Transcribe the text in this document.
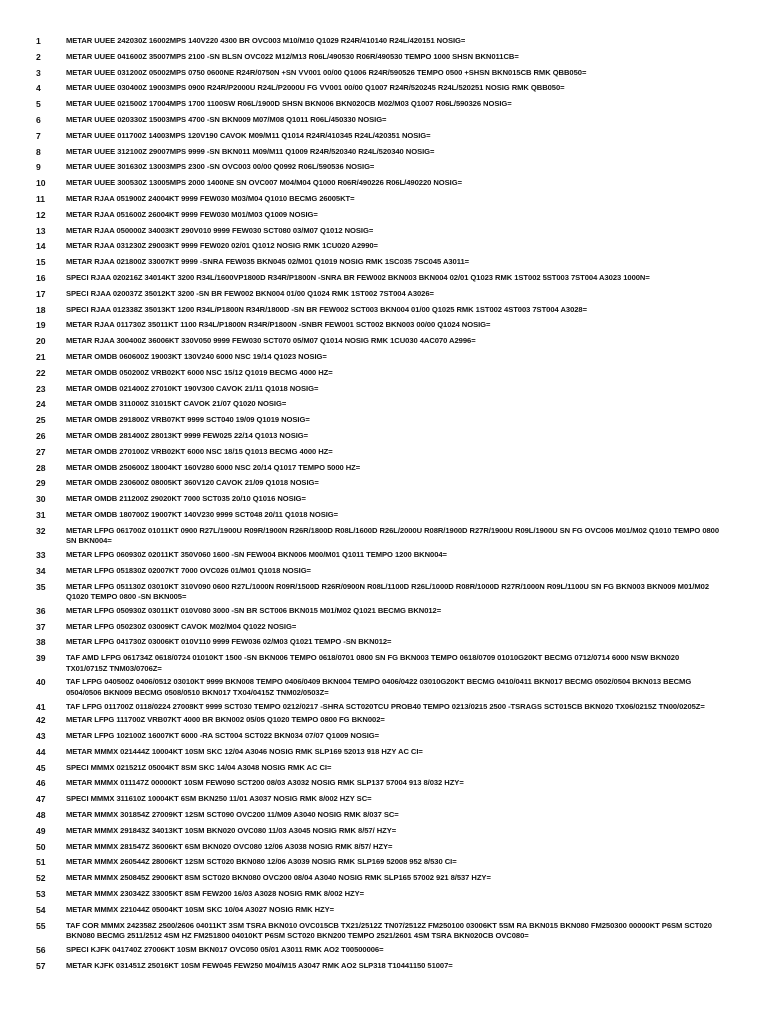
1	METAR UUEE 242030Z 16002MPS 140V220 4300 BR OVC003 M10/M10 Q1029 R24R/410140 R24L/420151 NOSIG=
2	METAR UUEE 041600Z 35007MPS 2100 -SN BLSN OVC022 M12/M13 R06L/490530 R06R/490530 TEMPO 1000 SHSN BKN011CB=
3	METAR UUEE 031200Z 05002MPS 0750 0600NE R24R/0750N +SN VV001 00/00 Q1006 R24R/590526 TEMPO 0500 +SHSN BKN015CB RMK QBB050=
4	METAR UUEE 030400Z 19003MPS 0900 R24R/P2000U R24L/P2000U FG VV001 00/00 Q1007 R24R/520245 R24L/520251 NOSIG RMK QBB050=
5	METAR UUEE 021500Z 17004MPS 1700 1100SW R06L/1900D SHSN BKN006 BKN020CB M02/M03 Q1007 R06L/590326 NOSIG=
6	METAR UUEE 020330Z 15003MPS 4700 -SN BKN009 M07/M08 Q1011 R06L/450330 NOSIG=
7	METAR UUEE 011700Z 14003MPS 120V190 CAVOK M09/M11 Q1014 R24R/410345 R24L/420351 NOSIG=
8	METAR UUEE 312100Z 29007MPS 9999 -SN BKN011 M09/M11 Q1009 R24R/520340 R24L/520340 NOSIG=
9	METAR UUEE 301630Z 13003MPS 2300 -SN OVC003 00/00 Q0992 R06L/590536 NOSIG=
10	METAR UUEE 300530Z 13005MPS 2000 1400NE SN OVC007 M04/M04 Q1000 R06R/490226 R06L/490220 NOSIG=
11	METAR RJAA 051900Z 24004KT 9999 FEW030 M03/M04 Q1010 BECMG 26005KT=
12	METAR RJAA 051600Z 26004KT 9999 FEW030 M01/M03 Q1009 NOSIG=
13	METAR RJAA 050000Z 34003KT 290V010 9999 FEW030 SCT080 03/M07 Q1012 NOSIG=
14	METAR RJAA 031230Z 29003KT 9999 FEW020 02/01 Q1012 NOSIG RMK 1CU020 A2990=
15	METAR RJAA 021800Z 33007KT 9999 -SNRA FEW035 BKN045 02/M01 Q1019 NOSIG RMK 1SC035 7SC045 A3011=
16	SPECI RJAA 020216Z 34014KT 3200 R34L/1600VP1800D R34R/P1800N -SNRA BR FEW002 BKN003 BKN004 02/01 Q1023 RMK 1ST002 5ST003 7ST004 A3023 1000N=
17	SPECI RJAA 020037Z 35012KT 3200 -SN BR FEW002 BKN004 01/00 Q1024 RMK 1ST002 7ST004 A3026=
18	SPECI RJAA 012338Z 35013KT 1200 R34L/P1800N R34R/1800D -SN BR FEW002 SCT003 BKN004 01/00 Q1025 RMK 1ST002 4ST003 7ST004 A3028=
19	METAR RJAA 011730Z 35011KT 1100 R34L/P1800N R34R/P1800N -SNBR FEW001 SCT002 BKN003 00/00 Q1024 NOSIG=
20	METAR RJAA 300400Z 36006KT 330V050 9999 FEW030 SCT070 05/M07 Q1014 NOSIG RMK 1CU030 4AC070 A2996=
21	METAR OMDB 060600Z 19003KT 130V240 6000 NSC 19/14 Q1023 NOSIG=
22	METAR OMDB 050200Z VRB02KT 6000 NSC 15/12 Q1019 BECMG 4000 HZ=
23	METAR OMDB 021400Z 27010KT 190V300 CAVOK 21/11 Q1018 NOSIG=
24	METAR OMDB 311000Z 31015KT CAVOK 21/07 Q1020 NOSIG=
25	METAR OMDB 291800Z VRB07KT 9999 SCT040 19/09 Q1019 NOSIG=
26	METAR OMDB 281400Z 28013KT 9999 FEW025 22/14 Q1013 NOSIG=
27	METAR OMDB 270100Z VRB02KT 6000 NSC 18/15 Q1013 BECMG 4000 HZ=
28	METAR OMDB 250600Z 18004KT 160V280 6000 NSC 20/14 Q1017 TEMPO 5000 HZ=
29	METAR OMDB 230600Z 08005KT 360V120 CAVOK 21/09 Q1018 NOSIG=
30	METAR OMDB 211200Z 29020KT 7000 SCT035 20/10 Q1016 NOSIG=
31	METAR OMDB 180700Z 19007KT 140V230 9999 SCT048 20/11 Q1018 NOSIG=
32	METAR LFPG 061700Z 01011KT 0900 R27L/1900U R09R/1900N R26R/1800D R08L/1600D R26L/2000U R08R/1900D R27R/1900U R09L/1900U SN FG OVC006 M01/M02 Q1010 TEMPO 0800 SN BKN004=
33	METAR LFPG 060930Z 02011KT 350V060 1600 -SN FEW004 BKN006 M00/M01 Q1011 TEMPO 1200 BKN004=
34	METAR LFPG 051830Z 02007KT 7000 OVC026 01/M01 Q1018 NOSIG=
35	METAR LFPG 051130Z 03010KT 310V090 0600 R27L/1000N R09R/1500D R26R/0900N R08L/1100D R26L/1000D R08R/1000D R27R/1000N R09L/1100U SN FG BKN003 BKN009 M01/M02 Q1020 TEMPO 0800 -SN BKN005=
36	METAR LFPG 050930Z 03011KT 010V080 3000 -SN BR SCT006 BKN015 M01/M02 Q1021 BECMG BKN012=
37	METAR LFPG 050230Z 03009KT CAVOK M02/M04 Q1022 NOSIG=
38	METAR LFPG 041730Z 03006KT 010V110 9999 FEW036 02/M03 Q1021 TEMPO -SN BKN012=
39	TAF AMD LFPG 061734Z 0618/0724 01010KT 1500 -SN BKN006 TEMPO 0618/0701 0800 SN FG BKN003 TEMPO 0618/0709 01010G20KT BECMG 0712/0714 6000 NSW BKN020 TX01/0715Z TNM03/0706Z=
40	TAF LFPG 040500Z 0406/0512 03010KT 9999 BKN008 TEMPO 0406/0409 BKN004 TEMPO 0406/0422 03010G20KT BECMG 0410/0411 BKN017 BECMG 0502/0504 BKN013 BECMG 0504/0506 BKN009 BECMG 0508/0510 BKN017 TX04/0415Z TNM02/0503Z=
41	TAF LFPG 011700Z 0118/0224 27008KT 9999 SCT030 TEMPO 0212/0217 -SHRA SCT020TCU PROB40 TEMPO 0213/0215 2500 -TSRAGS SCT015CB BKN020 TX06/0215Z TN00/0205Z=
42	METAR LFPG 111700Z VRB07KT 4000 BR BKN002 05/05 Q1020 TEMPO 0800 FG BKN002=
43	METAR LFPG 102100Z 16007KT 6000 -RA SCT004 SCT022 BKN034 07/07 Q1009 NOSIG=
44	METAR MMMX 021444Z 10004KT 10SM SKC 12/04 A3046 NOSIG RMK SLP169 52013 918 HZY AC CI=
45	SPECI MMMX 021521Z 05004KT 8SM SKC 14/04 A3048 NOSIG RMK AC CI=
46	METAR MMMX 011147Z 00000KT 10SM FEW090 SCT200 08/03 A3032 NOSIG RMK SLP137 57004 913 8/032 HZY=
47	SPECI MMMX 311610Z 10004KT 6SM BKN250 11/01 A3037 NOSIG RMK 8/002 HZY SC=
48	METAR MMMX 301854Z 27009KT 12SM SCT090 OVC200 11/M09 A3040 NOSIG RMK 8/037 SC=
49	METAR MMMX 291843Z 34013KT 10SM BKN020 OVC080 11/03 A3045 NOSIG RMK 8/57/ HZY=
50	METAR MMMX 281547Z 36006KT 6SM BKN020 OVC080 12/06 A3038 NOSIG RMK 8/57/ HZY=
51	METAR MMMX 260544Z 28006KT 12SM SCT020 BKN080 12/06 A3039 NOSIG RMK SLP169 52008 952 8/530 CI=
52	METAR MMMX 250845Z 29006KT 8SM SCT020 BKN080 OVC200 08/04 A3040 NOSIG RMK SLP165 57002 921 8/537 HZY=
53	METAR MMMX 230342Z 33005KT 8SM FEW200 16/03 A3028 NOSIG RMK 8/002 HZY=
54	METAR MMMX 221044Z 05004KT 10SM SKC 10/04 A3027 NOSIG RMK HZY=
55	TAF COR MMMX 242358Z 2500/2606 04011KT 3SM TSRA BKN010 OVC015CB TX21/2512Z TN07/2512Z FM250100 03006KT 5SM RA BKN015 BKN080 FM250300 00000KT P6SM SCT020 BKN080 BECMG 2511/2512 4SM HZ FM251800 04010KT P6SM SCT020 BKN200 TEMPO 2521/2601 4SM TSRA BKN020CB OVC080=
56	SPECI KJFK 041740Z 27006KT 10SM BKN017 OVC050 05/01 A3011 RMK AO2 T00500006=
57	METAR KJFK 031451Z 25016KT 10SM FEW045 FEW250 M04/M15 A3047 RMK AO2 SLP318 T10441150 51007=
